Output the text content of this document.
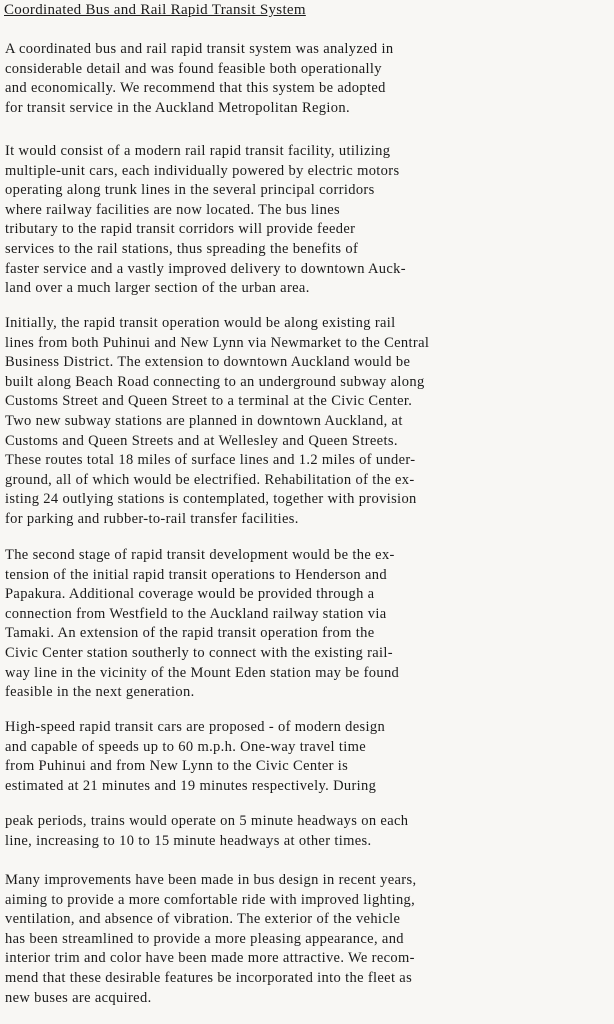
Coordinated Bus and Rail Rapid Transit System
A coordinated bus and rail rapid transit system was analyzed in
considerable detail and was found feasible both operationally
and economically. We recommend that this system be adopted
for transit service in the Auckland Metropolitan Region.
It would consist of a modern rail rapid transit facility, utilizing
multiple-unit cars, each individually powered by electric motors
operating along trunk lines in the several principal corridors
where railway facilities are now located. The bus lines
tributary to the rapid transit corridors will provide feeder
services to the rail stations, thus spreading the benefits of
faster service and a vastly improved delivery to downtown Auck-
land over a much larger section of the urban area.
Initially, the rapid transit operation would be along existing rail
lines from both Puhinui and New Lynn via Newmarket to the Central
Business District. The extension to downtown Auckland would be
built along Beach Road connecting to an underground subway along
Customs Street and Queen Street to a terminal at the Civic Center.
Two new subway stations are planned in downtown Auckland, at
Customs and Queen Streets and at Wellesley and Queen Streets.
These routes total 18 miles of surface lines and 1.2 miles of under-
ground, all of which would be electrified. Rehabilitation of the ex-
isting 24 outlying stations is contemplated, together with provision
for parking and rubber-to-rail transfer facilities.
The second stage of rapid transit development would be the ex-
tension of the initial rapid transit operations to Henderson and
Papakura. Additional coverage would be provided through a
connection from Westfield to the Auckland railway station via
Tamaki. An extension of the rapid transit operation from the
Civic Center station southerly to connect with the existing rail-
way line in the vicinity of the Mount Eden station may be found
feasible in the next generation.
High-speed rapid transit cars are proposed - of modern design
and capable of speeds up to 60 m.p.h. One-way travel time
from Puhinui and from New Lynn to the Civic Center is
estimated at 21 minutes and 19 minutes respectively. During
peak periods, trains would operate on 5 minute headways on each
line, increasing to 10 to 15 minute headways at other times.
Many improvements have been made in bus design in recent years,
aiming to provide a more comfortable ride with improved lighting,
ventilation, and absence of vibration. The exterior of the vehicle
has been streamlined to provide a more pleasing appearance, and
interior trim and color have been made more attractive. We recom-
mend that these desirable features be incorporated into the fleet as
new buses are acquired.
